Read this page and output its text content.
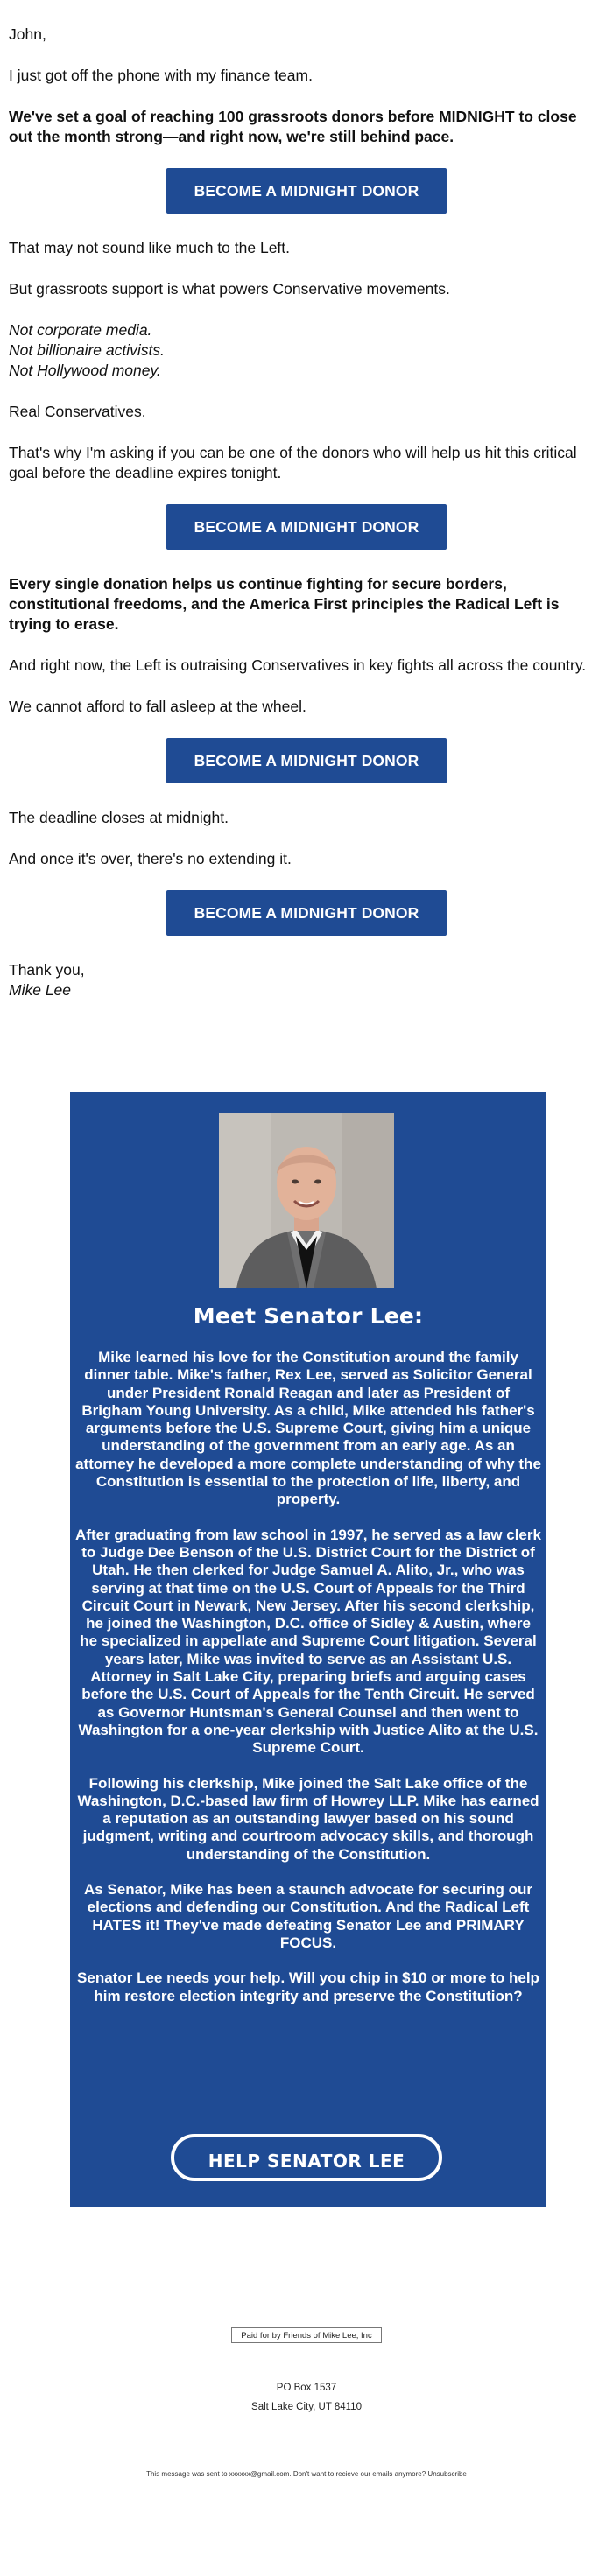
John,

I just got off the phone with my finance team.

We've set a goal of reaching 100 grassroots donors before MIDNIGHT to close out the month strong—and right now, we're still behind pace.

BECOME A MIDNIGHT DONOR

That may not sound like much to the Left.

But grassroots support is what powers Conservative movements.

Not corporate media.
Not billionaire activists.
Not Hollywood money.

Real Conservatives.

That's why I'm asking if you can be one of the donors who will help us hit this critical goal before the deadline expires tonight.

BECOME A MIDNIGHT DONOR

Every single donation helps us continue fighting for secure borders, constitutional freedoms, and the America First principles the Radical Left is trying to erase.

And right now, the Left is outraising Conservatives in key fights all across the country.

We cannot afford to fall asleep at the wheel.

BECOME A MIDNIGHT DONOR

The deadline closes at midnight.

And once it's over, there's no extending it.

BECOME A MIDNIGHT DONOR

Thank you,
Mike Lee

Meet Senator Lee:

Mike learned his love for the Constitution around the family dinner table. Mike's father, Rex Lee, served as Solicitor General under President Ronald Reagan and later as President of Brigham Young University. As a child, Mike attended his father's arguments before the U.S. Supreme Court, giving him a unique understanding of the government from an early age. As an attorney he developed a more complete understanding of why the Constitution is essential to the protection of life, liberty, and property.

After graduating from law school in 1997, he served as a law clerk to Judge Dee Benson of the U.S. District Court for the District of Utah. He then clerked for Judge Samuel A. Alito, Jr., who was serving at that time on the U.S. Court of Appeals for the Third Circuit Court in Newark, New Jersey. After his second clerkship, he joined the Washington, D.C. office of Sidley & Austin, where he specialized in appellate and Supreme Court litigation. Several years later, Mike was invited to serve as an Assistant U.S. Attorney in Salt Lake City, preparing briefs and arguing cases before the U.S. Court of Appeals for the Tenth Circuit. He served as Governor Huntsman's General Counsel and then went to Washington for a one-year clerkship with Justice Alito at the U.S. Supreme Court.

Following his clerkship, Mike joined the Salt Lake office of the Washington, D.C.-based law firm of Howrey LLP. Mike has earned a reputation as an outstanding lawyer based on his sound judgment, writing and courtroom advocacy skills, and thorough understanding of the Constitution.

As Senator, Mike has been a staunch advocate for securing our elections and defending our Constitution. And the Radical Left HATES it! They've made defeating Senator Lee and PRIMARY FOCUS.

Senator Lee needs your help. Will you chip in $10 or more to help him restore election integrity and preserve the Constitution?

HELP SENATOR LEE
Paid for by Friends of Mike Lee, Inc
PO Box 1537
Salt Lake City, UT 84110
This message was sent to xxxxxx@gmail.com. Don't want to recieve our emails anymore? Unsubscribe
